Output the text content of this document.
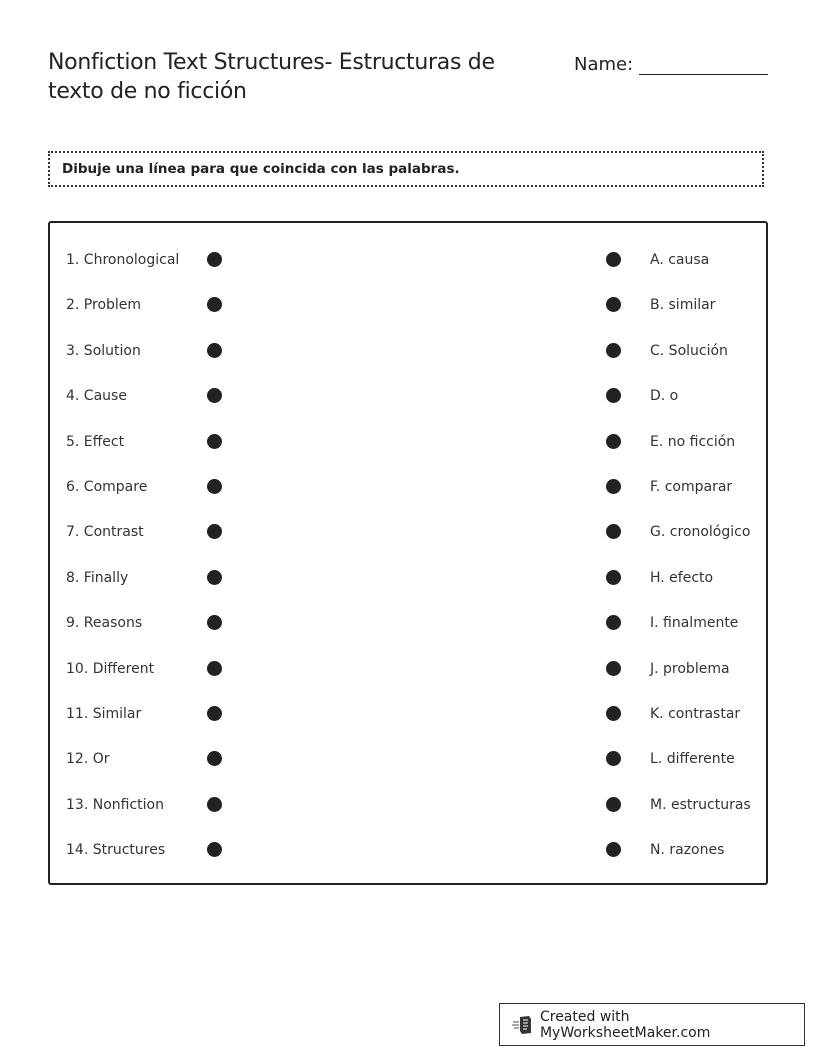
Nonfiction Text Structures- Estructuras de texto de no ficción
Name:
Dibuje una línea para que coincida con las palabras.
1. Chronological	A. causa
2. Problem	B. similar
3. Solution	C. Solución
4. Cause	D. o
5. Effect	E. no ficción
6. Compare	F. comparar
7. Contrast	G. cronológico
8. Finally	H. efecto
9. Reasons	I. finalmente
10. Different	J. problema
11. Similar	K. contrastar
12. Or	L. differente
13. Nonfiction	M. estructuras
14. Structures	N. razones
Created with MyWorksheetMaker.com
